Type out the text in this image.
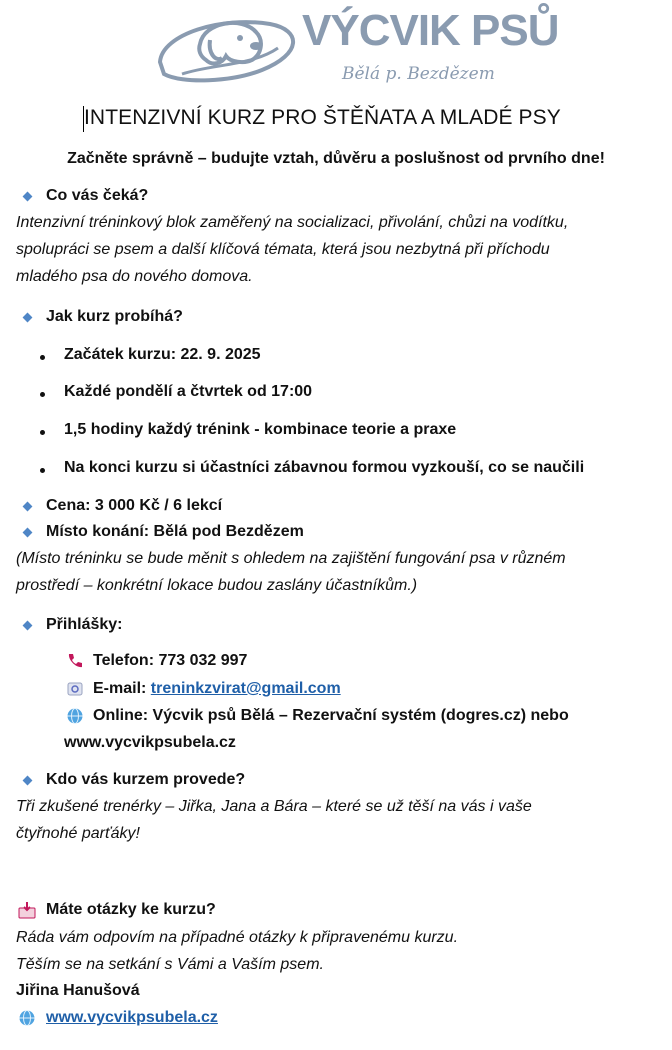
VÝCVIK PSŮ
Bělá p. Bezdězem
INTENZIVNÍ KURZ PRO ŠTĚŇATA A MLADÉ PSY
Začněte správně – budujte vztah, důvěru a poslušnost od prvního dne!
Co vás čeká?
Intenzivní tréninkový blok zaměřený na socializaci, přivolání, chůzi na vodítku,
spolupráci se psem a další klíčová témata, která jsou nezbytná při příchodu
mladého psa do nového domova.
Jak kurz probíhá?
Začátek kurzu: 22. 9. 2025
Každé pondělí a čtvrtek od 17:00
1,5 hodiny každý trénink - kombinace teorie a praxe
Na konci kurzu si účastníci zábavnou formou vyzkouší, co se naučili
Cena: 3 000 Kč / 6 lekcí
Místo konání: Bělá pod Bezdězem
(Místo tréninku se bude měnit s ohledem na zajištění fungování psa v různém
prostředí – konkrétní lokace budou zaslány účastníkům.)
Přihlášky:
Telefon: 773 032 997
E-mail: treninkzvirat@gmail.com
Online: Výcvik psů Bělá – Rezervační systém (dogres.cz) nebo
www.vycvikpsubela.cz
Kdo vás kurzem provede?
Tři zkušené trenérky – Jiřka, Jana a Bára – které se už těší na vás i vaše
čtyřnohé parťáky!
Máte otázky ke kurzu?
Ráda vám odpovím na případné otázky k připravenému kurzu.
Těším se na setkání s Vámi a Vaším psem.
Jiřina Hanušová
www.vycvikpsubela.cz
